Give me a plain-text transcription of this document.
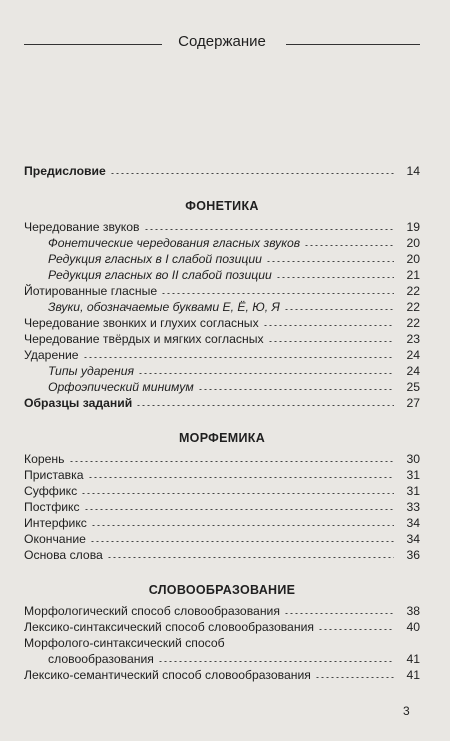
Содержание
Предисловие	14
ФОНЕТИКА
Чередование звуков	19
Фонетические чередования гласных звуков	20
Редукция гласных в I слабой позиции	20
Редукция гласных во II слабой позиции	21
Йотированные гласные	22
Звуки, обозначаемые буквами Е, Ё, Ю, Я	22
Чередование звонких и глухих согласных	22
Чередование твёрдых и мягких согласных	23
Ударение	24
Типы ударения	24
Орфоэпический минимум	25
Образцы заданий	27
МОРФЕМИКА
Корень	30
Приставка	31
Суффикс	31
Постфикс	33
Интерфикс	34
Окончание	34
Основа слова	36
СЛОВООБРАЗОВАНИЕ
Морфологический способ словообразования	38
Лексико-синтаксический способ словообразования	40
Морфолого-синтаксический способ
словообразования	41
Лексико-семантический способ словообразования	41
3
